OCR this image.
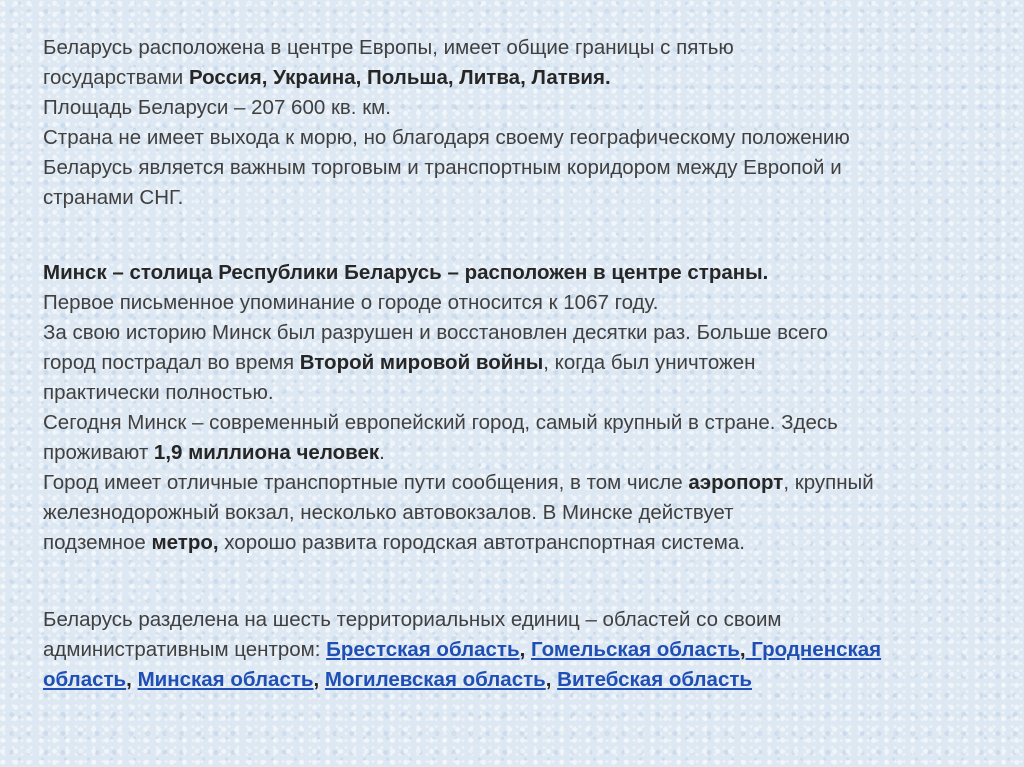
Беларусь расположена в центре Европы, имеет общие границы с пятью

государствами Россия, Украина, Польша, Литва, Латвия.

Площадь Беларуси – 207 600 кв. км.

Страна не имеет выхода к морю, но благодаря своему географическому положению

Беларусь является важным торговым и транспортным коридором между Европой и

странами СНГ.

Минск – столица Республики Беларусь – расположен в центре страны.

Первое письменное упоминание о городе относится к 1067 году.

За свою историю Минск был разрушен и восстановлен десятки раз. Больше всего

город пострадал во время Второй мировой войны, когда был уничтожен

практически полностью.

Сегодня Минск – современный европейский город, самый крупный в стране. Здесь

проживают 1,9 миллиона человек.

Город имеет отличные транспортные пути сообщения, в том числе аэропорт, крупный

железнодорожный вокзал, несколько автовокзалов. В Минске действует

подземное метро, хорошо развита городская автотранспортная система.

Беларусь разделена на шесть территориальных единиц – областей со своим

административным центром: Брестская область, Гомельская область, Гродненская

область, Минская область, Могилевская область, Витебская область
